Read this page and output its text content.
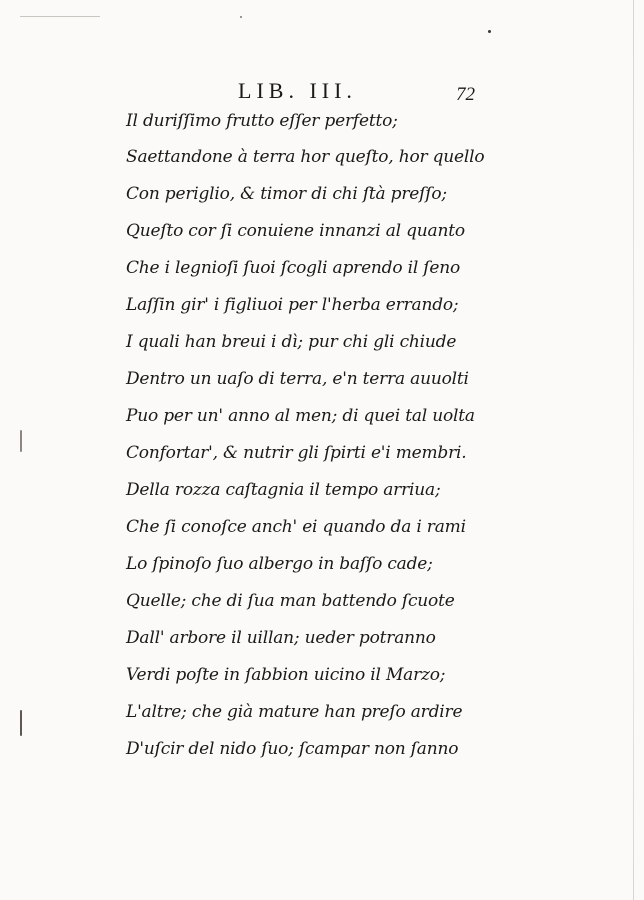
LIB. III.	72
Il duriſſimo frutto eſſer perfetto;
Saettandone à terra hor queſto, hor quello
Con periglio, & timor di chi ſtà preſſo;
Queſto cor ſi conuiene innanzi al quanto
Che i legnioſi ſuoi ſcogli aprendo il ſeno
Laſſin gir' i figliuoi per l'herba errando;
I quali han breui i dì; pur chi gli chiude
Dentro un uaſo di terra, e'n terra auuolti
Puo per un' anno al men; di quei tal uolta
Confortar', & nutrir gli ſpirti e'i membri.
Della rozza caſtagnia il tempo arriua;
Che ſi conoſce anch' ei quando da i rami
Lo ſpinoſo ſuo albergo in baſſo cade;
Quelle; che di ſua man battendo ſcuote
Dall' arbore il uillan; ueder potranno
Verdi poſte in ſabbion uicino il Marzo;
L'altre; che già mature han preſo ardire
D'uſcir del nido ſuo; ſcampar non ſanno
